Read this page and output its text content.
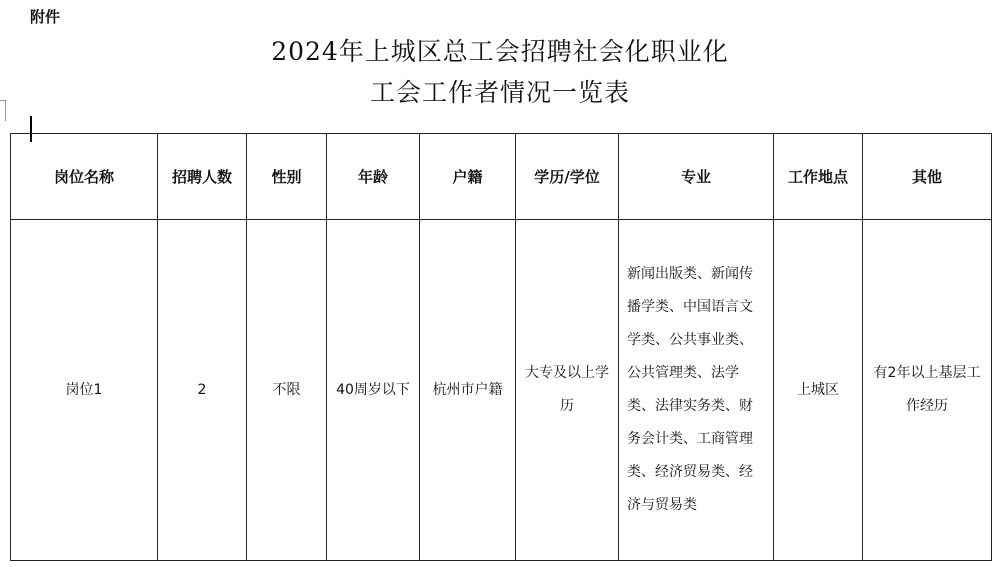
附件
2024年上城区总工会招聘社会化职业化
工会工作者情况一览表
岗位名称	招聘人数	性别	年龄	户籍	学历/学位	专业	工作地点	其他
岗位1	2	不限	40周岁以下	杭州市户籍	大专及以上学历	新闻出版类、新闻传播学类、中国语言文学类、公共事业类、公共管理类、法学类、法律实务类、财务会计类、工商管理类、经济贸易类、经济与贸易类	上城区	有2年以上基层工作经历
